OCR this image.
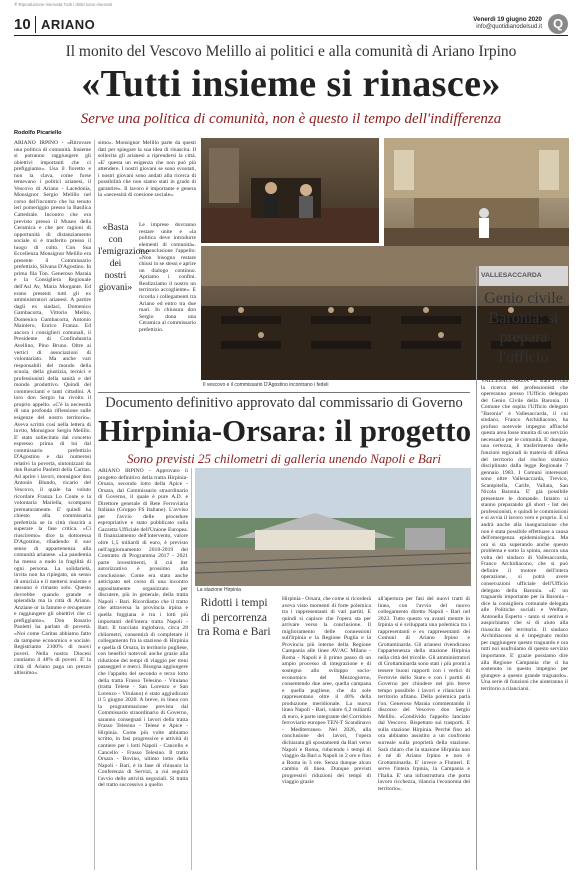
® Riproduzione riservata Tutti i diritti sono riservati
10 ARIANO	Venerdì 19 giugno 2020
info@quotidianodelsud.it Q
Il monito del Vescovo Melillo ai politici e alla comunità di Ariano Irpino
«Tutti insieme si rinasce»
Serve una politica di comunità, non è questo il tempo dell'indifferenza
Rodolfo Picariello
ARIANO IRPINO - «Ritrovare una politica di comunità. Insieme si potranno raggiungere gli obiettivi importanti che ci prefiggiamo». Usa il fioretto e non la clava, come forse temevano i politici arianesi, il Vescovo di Ariano - Lacedonia, Monsignor Sergio Melillo nel corso dell'incontro che ha tenuto ieri pomeriggio presso la Basilica Cattedrale. Incontro che era previsto presso il Museo della Ceramica e che per ragioni di opportunità di distanziamento sociale si è trasferito presso il luogo di culto. Con Sua Eccellenza Monsignor Melillo era presente il Commissario prefettizio, Silvana D'Agostino. In prima fila Ton. Generoso Maraia e la Consigliera Regionale dell'Asl Av, Maria Morgante. Ed erano presenti tutti gli ex amministratori arianesi. A partire dagli ex sindaci, Domenico Gambacorta, Vittorio Melito, Domenico Gambacorta, Antonio Mainiero, Enrico Franza. Ed ancora i consiglieri comunali, il Presidente di Confindustria Avellino, Pino Bruno. Oltre ai vertici di associazioni di volontariato. Ma anche vari responsabili del mondo della scuola, della giustizia, tecnici e professionisti della sanità e del mondo produttivo. Quindi del commercianti e tanti cittadini. A loro don Sergio ha rivolto il proprio appello. «C'è la necessità di una profonda riflessione sulle esigenze del nostro territorio». Aveva scritto così nella lettera di invito, Monsignor Sergio Melillo. E' stato sollecitato dal concetto espresso prima di lui dal commissario prefettizio D'Agostino e dai numerosi relativi la povertà, sintonizzati da don Rosario Paoletti della Caritas. Ad aprire i lavori, monsignor don Antonio Blundo, vicario del Vescovo, il quale ha voluto ricordare Franza Lo Conte e la volontaria Mariella, scomparsi prematuramente. E' quindi ha chiesto alla commissaria prefettizia se in città riuscirà a superare la fase critica. «Ci riusciremo» dice la dottoressa D'Agostino, ribadendo il suo senso di appartenenza alla comunità arianese. «La pandemia ha messo a nudo la fragilità di ogni persona. La solidarietà, invita non ha ripiegato, un senso di amicizia e il mettersi insieme e nessuno è rimasto solo. Questo dovrebbe quando grande e splendida ma la città di Ariano. Anziane or la famme e recuperare e raggiungere gli obiettivi che ci prefiggiamo». Don Rosario Paoletti ha parlato di povertà. «Noi come Caritas abbiamo fatto da tampone economico e sociale. Registriamo 2100% di nuovi poveri. Nella nostra Diocesi contiamo il 48% di poveri. E' la città di Ariano paga un prezzo altissimo».
simo». Monsignor Melillo parte da questi dati per spiegare la sua idea di rinascita. Il sollecita gli arianesi a riprendersi la città. «E' questa un esigenza che non può più attendere. I nostri giovani se sono svuotati, i nostri giovani sono andati alla ricerca di possibilità che non siamo stati in grado di garantire». Il lavoro è importante e genera la «necessità di coesione sociale».
«Basta con l'emigrazione dei nostri giovani»
Le imprese dovranno restare unite e «la politica deve introdurre elementi di comunità». In conclusione l'appello: «Non bisogna restare chiusi in se stessi e aprire un dialogo continuo. Apriamo i confini. Realizziamo il nostro un territorio accogliente». E ricorda i collegamenti tra Ariano ed entro tra due mari. In chiusura don Sergio dona una Ceramica al commissario prefettizio.
Il vescovo e il commissario D'Agostino incontrano i fedeli
VALLESACCARDA
Genio civile Baronia: si prepara l'ufficio
VALLESACCARDA - E' stata avviata la ricerca dei professionisti che opereranno presso l'Ufficio delegato del Genio Civile della Baronia. Il Comune che ospita l'Ufficio delegato "Baronia" è Vallesaccarda, il cui sindaco, Franco Archidiacono, ha profuso notevole impegno affinché questa area fosse munita di un servizio necessario per le comunità. E' dunque, una certezza, il trasferimento delle funzioni regionali in materia di difesa del territorio dal rischio sismico disciplinato dalla legge Regionale 7 gennaio 1983. I Comuni interessati sono oltre Vallesaccarda, Trevico, Scampitella, Carife, Vallata, San Nicola Baronia. E' già possibile presentare le domande. Intanto si stanno preparando gli short - list dei professionisti, e quindi le commissioni e si avvia il lavoro vero e proprio. E si andrà anche alla inaugurazione che non è stata possibile effettuare a causa dell'emergenza epidemiologica. Ma ora si sta superando anche questo problema e sotto la spinta, ancora una volta del sindaco di Vallesaccarda, Franco Archidiacono, che si può definire il motore dell'intera operazione, si potrà avere consecuzioni ufficiale dell'Ufficio delegato della Baronia. «E' un traguardo importante per la Baronia - dice la consigliera comunale delegata alle Politiche sociali e Welfare, Antonella Esperto - tanto si sentiva e auspichiamo che si di aiuto alla rinascita del territorio. Il sindaco Archidiacono si è impegnato molto per raggiungere questo traguardo e ora tutti noi usufruiamo di questo servizio importante. E' grazie possiamo dire alla Regione Campania che ci ha sostenuto in questo impegno per giungere a questo grande traguardo». Una serie di funzioni che aiuteranno il territorio a rilanciarsi.
Documento definitivo approvato dal commissario di Governo
Hirpinia-Orsara: il progetto
Sono previsti 25 chilometri di galleria unendo Napoli e Bari
ARIANO IRPINO - Approvato il progetto definitivo della tratta Hirpinia-Orsara, secondo lotto della Apice - Orsara, dal Commissario straordinario di Governo, il quale è pure A.D. e Direttore generale di Rete Ferroviaria Italiana (Gruppo FS Italiane). L'avviso per l'avvio delle procedure espropriative e stato pubblicato sulla Gazzetta Ufficiale dell'Unione Europea. Il finanziamento dell'intervento, valore oltre 1,5 miliardi di euro, è previsto nell'aggiornamento 2018-2019 del Contratto di Programma 2017 - 2021 parte investimenti, il cui iter autorizzativo è prossimo alla conclusione. Come era stato anche anticipato nel corso di una incontro appositamente organizzato per discutere, più in generale, della tratta Napoli - Bari. Ricordiamo che il tratto che attraversa la provincia irpina e quella foggiana è tra i lotti più importanti dell'intera tratta Napoli - Bari. Il tracciato inglobava, circa 28 chilometri, consentirà di completare il collegamento fra la stazione di Hirpinia e quella di Orsara, in territorio pugliese, con benefici notevoli anche grazie alla riduzione dei tempi di viaggio per treni passeggeri e merci. Bisogna aggiungere che l'appalto del secondo e terzo lotto della tratta Frasso Telesino - Vitulano (tratta Telese - San Lorenzo e San Lorenzo - Vitulano) è stato aggiudicato il 5 giugno 2020. A breve, in linea con la programmazione prevista dal Commissario straordinario di Governo, saranno consegnati i lavori della tratta Frasso Telesino - Telese e Apice - Hirpinia. Come più volte abbiamo scritto, in fasi progressive e attività di cantiere per i lotti Napoli - Cancello e Cancello - Frasso Telesino. Il tratto Orsara - Bovino, ultimo lotto della Napoli - Bari, è in fase di chiusura la Conferenza di Servizi, a cui seguirà l'avvio delle attività negoziali. Si tratta del tratto successivo a quello
La stazione Hirpinia
Ridotti i tempi di percorrenza tra Roma e Bari
Hirpinia - Orsara, che come si ricorderà aveva visto momenti di forte polemica tra i rappresentanti di vari partiti. E quindi si capisce che l'opera sta per arrivare verso la conclusione. Il miglioramento delle connessioni sull'Irpinia e la Regione Puglia e la Provincia più interne della Regione Campania alle linee AV/AC Milano - Roma - Napoli è il primo passo di un ampio processo di integrazione e di sostegno allo sviluppo socio-economico del Mezzogiorno, consentendo due aree, quella campana e quella pugliese, che da sole rappresentano oltre il 40% della produzione meridionale. La nuova linea Napoli - Bari, valore 6,2 miliardi di euro, è parte integrante del Corridoio ferroviario europeo TEN-T Scandinavo - Mediterraneo. Nel 2026, alla conclusione dei lavori, l'opera dichiarata gli spostamenti da Bari verso Napoli e Roma, riducendo i tempi di viaggio da Bari a Napoli in 2 ore e fino a Roma in 3 ore. Senza dunque alcun cambio di linea. Dunque previsti progressivi riduzioni dei tempi di viaggio grazie
all'apertura per fasi del nuovi tratti di linea, con l'avvio del nuovo collegamento diretto Napoli - Bari nel 2023. Tutto questo va avanti mentre in Irpinia si è sviluppata una polemica tra i rappresentanti e ex rappresentanti dei Comuni di Ariano Irpino e Grottaminarda. Gli arianesi rivendicano l'appartenenza della stazione Hirpinia nella città del tricolle. Gli amministratori di Grottaminarda sono stati i più pronti a tessere buoni rapporti con i vertici di Ferrovie dello Stato e con i partiti di Governo per chiudere nel più breve tempo possibile i lavori e rilanciare il territorio ufitano. Della polemica parla l'on. Generoso Maraia commentando il discorso del Vescovo don Sergio Melillo. «Condivido l'appello lanciato dal Vescovo. Rispettato sui trasporti. E sulla stazione Hirpinia. Perché fino ad ora abbiamo assistito a un confronto surreale sulla proprietà della stazione. Sarà chiaro che la stazione Hirpinia non è né di Ariano Irpino e non è Grottaminarda. E' invece a Flumeri. E serve l'intera Irpinia, la Campania e l'Italia. E' una infrastruttura che porta lavoro ricchezza, rilancia l'economia del territorio».
